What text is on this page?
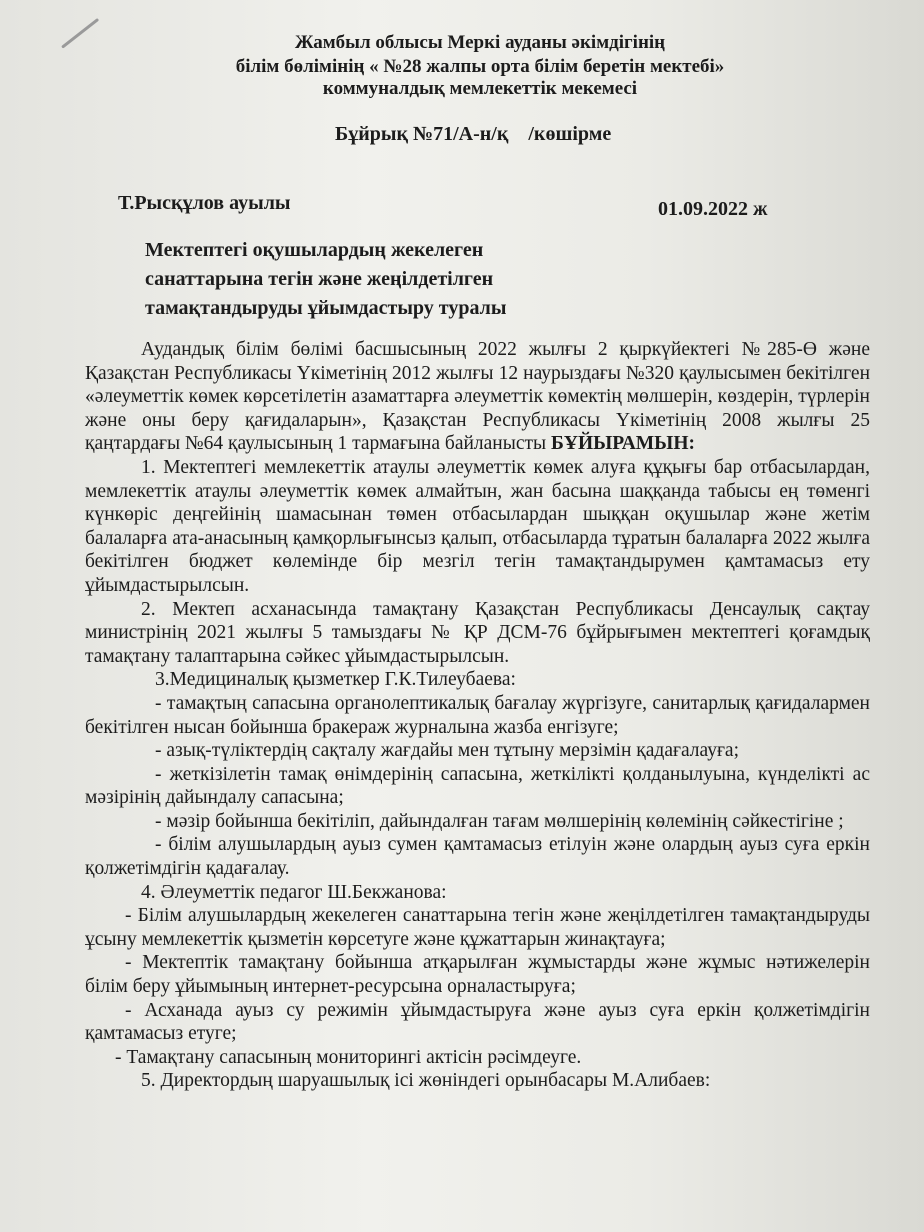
Жамбыл облысы Меркі ауданы әкімдігінің
білім бөлімінің « №28 жалпы орта білім беретін мектебі»
коммуналдық мемлекеттік мекемесі
Бұйрық №71/А-н/қ    /көшірме
Т.Рысқұлов ауылы	01.09.2022 ж
Мектептегі оқушылардың жекелеген
санаттарына тегін және жеңілдетілген
тамақтандыруды ұйымдастыру туралы

Аудандық білім бөлімі басшысының 2022 жылғы 2 қыркүйектегі №285-Ө және Қазақстан Республикасы Үкіметінің 2012 жылғы 12 наурыздағы №320 қаулысымен бекітілген «әлеуметтік көмек көрсетілетін азаматтарға әлеуметтік көмектің мөлшерін, көздерін, түрлерін және оны беру қағидаларын», Қазақстан Республикасы Үкіметінің 2008 жылғы 25 қаңтардағы №64 қаулысының 1 тармағына байланысты БҰЙЫРАМЫН:

1. Мектептегі мемлекеттік атаулы әлеуметтік көмек алуға құқығы бар отбасылардан, мемлекеттік атаулы әлеуметтік көмек алмайтын, жан басына шаққанда табысы ең төменгі күнкөріс деңгейінің шамасынан төмен отбасылардан шыққан оқушылар және жетім балаларға ата-анасының қамқорлығынсыз қалып, отбасыларда тұратын балаларға 2022 жылға бекітілген бюджет көлемінде бір мезгіл тегін тамақтандырумен қамтамасыз ету ұйымдастырылсын.

2. Мектеп асханасында тамақтану Қазақстан Республикасы Денсаулық сақтау министрінің 2021 жылғы 5 тамыздағы № ҚР ДСМ-76 бұйрығымен мектептегі қоғамдық тамақтану талаптарына сәйкес ұйымдастырылсын.

3.Медициналық қызметкер Г.К.Тилеубаева:

- тамақтың сапасына органолептикалық бағалау жүргізуге, санитарлық қағидалармен бекітілген нысан бойынша бракераж журналына жазба енгізуге;

- азық-түліктердің сақталу жағдайы мен тұтыну мерзімін қадағалауға;

- жеткізілетін тамақ өнімдерінің сапасына, жеткілікті қолданылуына, күнделікті ас мәзірінің дайындалу сапасына;

- мәзір бойынша бекітіліп, дайындалған тағам мөлшерінің көлемінің сәйкестігіне ;

- білім алушылардың ауыз сумен қамтамасыз етілуін және олардың ауыз суға еркін қолжетімдігін қадағалау.

4. Әлеуметтік педагог Ш.Бекжанова:

- Білім алушылардың жекелеген санаттарына тегін және жеңілдетілген тамақтандыруды ұсыну мемлекеттік қызметін көрсетуге және құжаттарын жинақтауға;

- Мектептік тамақтану бойынша атқарылған жұмыстарды және жұмыс нәтижелерін білім беру ұйымының интернет-ресурсына орналастыруға;

- Асханада ауыз су режимін ұйымдастыруға және ауыз суға еркін қолжетімдігін қамтамасыз етуге;

- Тамақтану сапасының мониторингі актісін рәсімдеуге.

5. Директордың шаруашылық ісі жөніндегі орынбасары М.Алибаев:
